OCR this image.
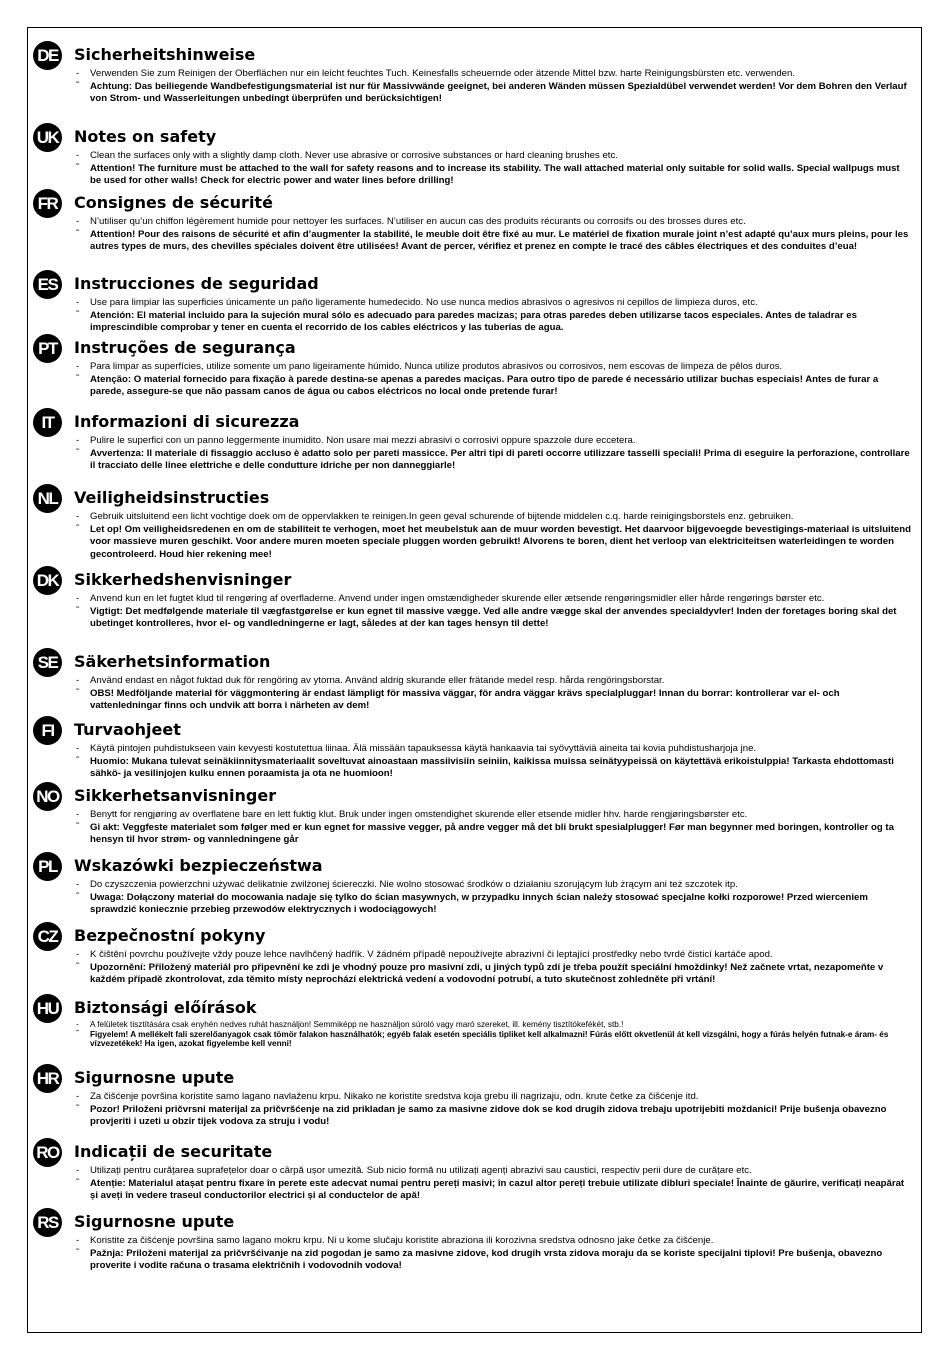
DE Sicherheitshinweise
- Verwenden Sie zum Reinigen der Oberflächen nur ein leicht feuchtes Tuch. Keinesfalls scheuernde oder ätzende Mittel bzw. harte Reinigungsbürsten etc. verwenden.
˜ Achtung: Das beiliegende Wandbefestigungsmaterial ist nur für Massivwände geeignet, bei anderen Wänden müssen Spezialdübel verwendet werden! Vor dem Bohren den Verlauf von Strom- und Wasserleitungen unbedingt überprüfen und berücksichtigen!
UK Notes on safety
- Clean the surfaces only with a slightly damp cloth. Never use abrasive or corrosive substances or hard cleaning brushes etc.
˜ Attention! The furniture must be attached to the wall for safety reasons and to increase its stability. The wall attached material only suitable for solid walls. Special wallpugs must be used for other walls! Check for electric power and water lines before drilling!
FR Consignes de sécurité
- N’utiliser qu’un chiffon légèrement humide pour nettoyer les surfaces. N’utiliser en aucun cas des produits récurants ou corrosifs ou des brosses dures etc.
˜ Attention! Pour des raisons de sécurité et afin d’augmenter la stabilité, le meuble doit être fixé au mur. Le matériel de fixation murale joint n’est adapté qu’aux murs pleins, pour les autres types de murs, des chevilles spéciales doivent être utilisées! Avant de percer, vérifiez et prenez en compte le tracé des câbles électriques et des conduites d’eua!
ES Instrucciones de seguridad
- Use para limpiar las superficies únicamente un paño ligeramente humedecido. No use nunca medios abrasivos o agresivos ni cepillos de limpieza duros, etc.
˜ Atención: El material incluido para la sujeción mural sólo es adecuado para paredes macizas; para otras paredes deben utilizarse tacos especiales. Antes de taladrar es imprescindible comprobar y tener en cuenta el recorrido de los cables eléctricos y las tuberías de agua.
PT	Instruções de segurança
- Para limpar as superfícies, utilize somente um pano ligeiramente húmido. Nunca utilize produtos abrasivos ou corrosivos, nem escovas de limpeza de pêlos duros.
˜ Atenção: O material fornecido para fixação à parede destina-se apenas a paredes maciças. Para outro tipo de parede é necessário utilizar buchas especiais! Antes de furar a parede, assegure-se que não passam canos de água ou cabos eléctricos no local onde pretende furar!
IT	Informazioni di sicurezza
- Pulire le superfici con un panno leggermente inumidito. Non usare mai mezzi abrasivi o corrosivi oppure spazzole dure eccetera.
˜ Avvertenza: Il materiale di fissaggio accluso è adatto solo per pareti massicce. Per altri tipi di pareti occorre utilizzare tasselli speciali! Prima di eseguire la perforazione, controllare il tracciato delle linee elettriche e delle condutture idriche per non danneggiarle!
NL Veiligheidsinstructies
- Gebruik uitsluitend een licht vochtige doek om de oppervlakken te reinigen.In geen geval schurende of bijtende middelen c.q. harde reinigingsborstels enz. gebruiken.
˜ Let op! Om veiligheidsredenen en om de stabiliteit te verhogen, moet het meubelstuk aan de muur worden bevestigt. Het daarvoor bijgevoegde bevestigings-materiaal is uitsluitend voor massieve muren geschikt. Voor andere muren moeten speciale pluggen worden gebruikt! Alvorens te boren, dient het verloop van elektriciteitsen waterleidingen te worden gecontroleerd. Houd hier rekening mee!
DK Sikkerhedshenvisninger
- Anvend kun en let fugtet klud til rengøring af overfladerne. Anvend under ingen omstændigheder skurende eller ætsende rengøringsmidler eller hårde rengørings børster etc.
˜ Vigtigt: Det medfølgende materiale til vægfastgørelse er kun egnet til massive vægge. Ved alle andre vægge skal der anvendes specialdyvler! Inden der foretages boring skal det ubetinget kontrolleres, hvor el- og vandledningerne er lagt, således at der kan tages hensyn til dette!
SE Säkerhetsinformation
- Använd endast en något fuktad duk för rengöring av ytorna. Använd aldrig skurande eller frätande medel resp. hårda rengöringsborstar.
˜ OBS! Medföljande material för väggmontering är endast lämpligt för massiva väggar, för andra väggar krävs specialpluggar! Innan du borrar: kontrollerar var el- och vattenledningar finns och undvik att borra i närheten av dem!
FI	Turvaohjeet
- Käytä pintojen puhdistukseen vain kevyesti kostutettua liinaa. Älä missään tapauksessa käytä hankaavia tai syövyttäviä aineita tai kovia puhdistusharjoja jne.
˜ Huomio: Mukana tulevat seinäkiinnitysmateriaalit soveltuvat ainoastaan massiivisiin seiniin, kaikissa muissa seinätyypeissä on käytettävä erikoistulppia! Tarkasta ehdottomasti sähkö- ja vesilinjojen kulku ennen poraamista ja ota ne huomioon!
NO Sikkerhetsanvisninger
- Benytt for rengjøring av overflatene bare en lett fuktig klut. Bruk under ingen omstendighet skurende eller etsende midler hhv. harde rengjøringsbørster etc.
˜ Gi akt: Veggfeste materialet som følger med er kun egnet for massive vegger, på andre vegger må det bli brukt spesialplugger! Før man begynner med boringen, kontroller og ta hensyn til hvor strøm- og vannledningene går
PL	Wskazówki bezpieczeństwa
- Do czyszczenia powierzchni używać delikatnie zwilżonej ściereczki. Nie wolno stosować środków o działaniu szorującym lub żrącym ani też szczotek itp.
˜ Uwaga: Dołączony materiał do mocowania nadaje się tylko do ścian masywnych, w przypadku innych ścian należy stosować specjalne kołki rozporowe! Przed wierceniem sprawdzić koniecznie przebieg przewodów elektrycznych i wodociągowych!
CZ Bezpečnostní pokyny
- K čištění povrchu používejte vždy pouze lehce navlhčený hadřík. V žádném případě nepoužívejte abrazivní či leptající prostředky nebo tvrdé čisticí kartáče apod.
˜ Upozornění: Přiložený materiál pro připevnění ke zdi je vhodný pouze pro masivní zdi, u jiných typů zdí je třeba použít speciální hmoždinky! Než začnete vrtat, nezapomeňte v každém případě zkontrolovat, zda těmito místy neprochází elektrická vedení a vodovodní potrubí, a tuto skutečnost zohledněte při vrtání!
HU Biztonsági előírások
- A felületek tisztítására csak enyhén nedves ruhát használjon! Semmiképp ne használjon súroló vagy maró szereket, ill. kemény tisztítókefékét, stb.!
˜ Figyelem! A mellékelt fali szerelőanyagok csak tömör falakon használhatók; egyéb falak esetén speciális tipliket kell alkalmazni! Fúrás előtt okvetlenül át kell vizsgálni, hogy a fúrás helyén futnak-e áram- és vízvezetékek! Ha igen, azokat figyelembe kell venni!
HR Sigurnosne upute
- Za čišćenje površina koristite samo lagano navlaženu krpu. Nikako ne koristite sredstva koja grebu ili nagrizaju, odn. krute četke za čišćenje itd.
˜ Pozor! Priloženi pričvrsni materijal za pričvršćenje na zid prikladan je samo za masivne zidove dok se kod drugih zidova trebaju upotrijebiti moždanici! Prije bušenja obavezno provjeriti i uzeti u obzir tijek vodova za struju i vodu!
RO Indicații de securitate
- Utilizați pentru curățarea suprafețelor doar o cârpă ușor umezită. Sub nicio formă nu utilizați agenți abrazivi sau caustici, respectiv perii dure de curățare etc.
˜ Atenție: Materialul atașat pentru fixare în perete este adecvat numai pentru pereți masivi; în cazul altor pereți trebuie utilizate dibluri speciale! Înainte de găurire, verificați neapărat și aveți în vedere traseul conductorilor electrici și al conductelor de apă!
RS Sigurnosne upute
- Koristite za čišćenje površina samo lagano mokru krpu. Ni u kome slučaju koristite abraziona ili korozivna sredstva odnosno jake četke za čišćenje.
˜ Pažnja: Priloženi materijal za pričvršćivanje na zid pogodan je samo za masivne zidove, kod drugih vrsta zidova moraju da se koriste specijalni tiplovi! Pre bušenja, obavezno proverite i vodite računa o trasama električnih i vodovodnih vodova!
